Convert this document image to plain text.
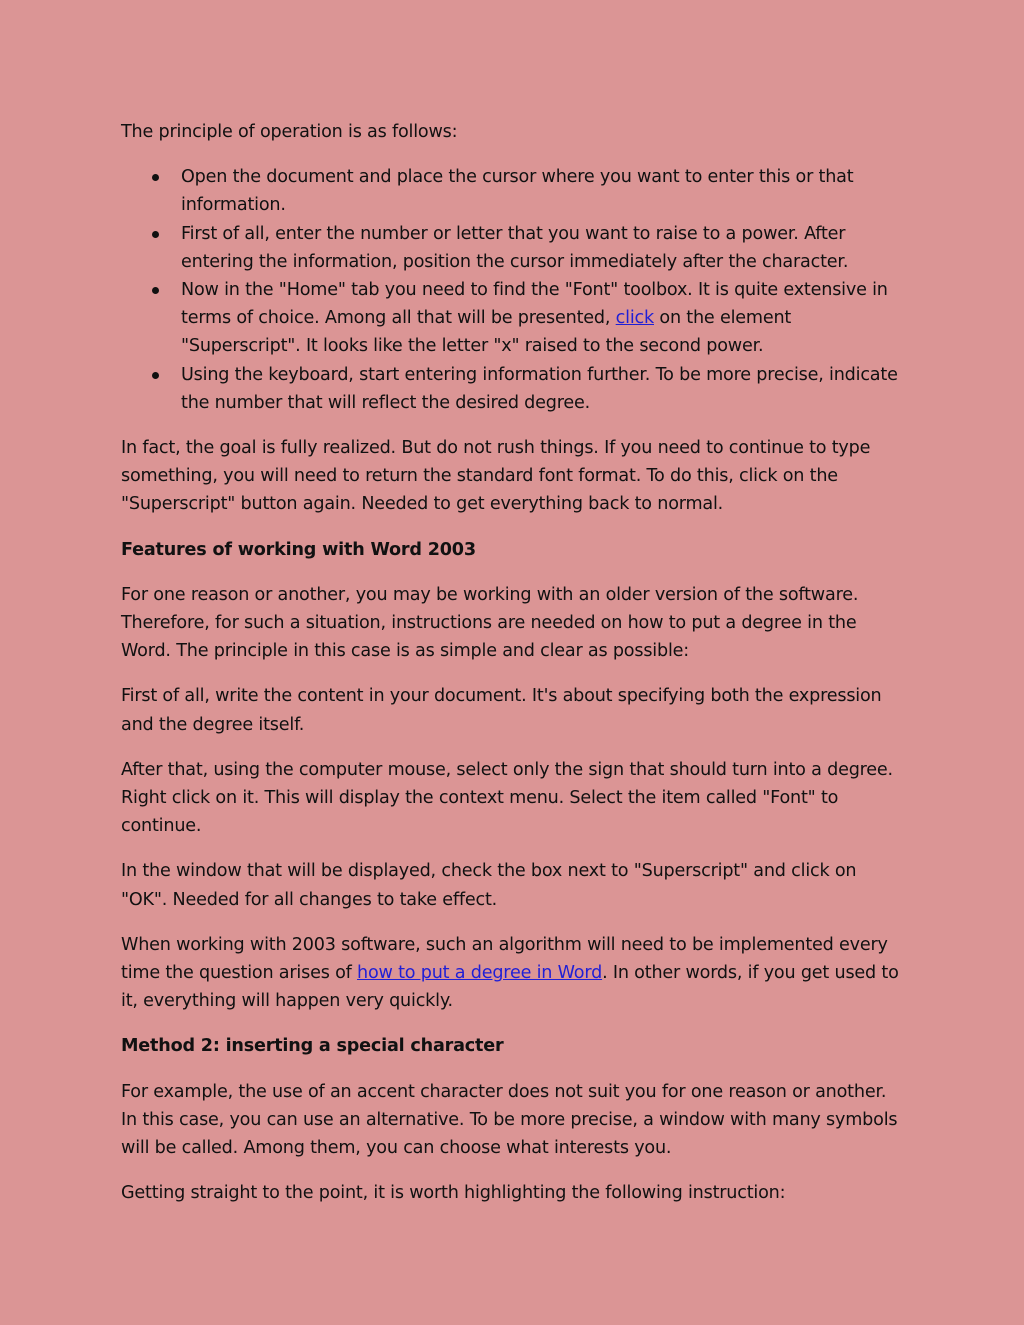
The principle of operation is as follows:

Open the document and place the cursor where you want to enter this or that information.
First of all, enter the number or letter that you want to raise to a power. After entering the information, position the cursor immediately after the character.
Now in the "Home" tab you need to find the "Font" toolbox. It is quite extensive in terms of choice. Among all that will be presented, click on the element "Superscript". It looks like the letter "x" raised to the second power.
Using the keyboard, start entering information further. To be more precise, indicate the number that will reflect the desired degree.

In fact, the goal is fully realized. But do not rush things. If you need to continue to type something, you will need to return the standard font format. To do this, click on the "Superscript" button again. Needed to get everything back to normal.

Features of working with Word 2003

For one reason or another, you may be working with an older version of the software. Therefore, for such a situation, instructions are needed on how to put a degree in the Word. The principle in this case is as simple and clear as possible:

First of all, write the content in your document. It's about specifying both the expression and the degree itself.

After that, using the computer mouse, select only the sign that should turn into a degree. Right click on it. This will display the context menu. Select the item called "Font" to continue.

In the window that will be displayed, check the box next to "Superscript" and click on "OK". Needed for all changes to take effect.

When working with 2003 software, such an algorithm will need to be implemented every time the question arises of how to put a degree in Word. In other words, if you get used to it, everything will happen very quickly.

Method 2: inserting a special character

For example, the use of an accent character does not suit you for one reason or another. In this case, you can use an alternative. To be more precise, a window with many symbols will be called. Among them, you can choose what interests you.

Getting straight to the point, it is worth highlighting the following instruction:
